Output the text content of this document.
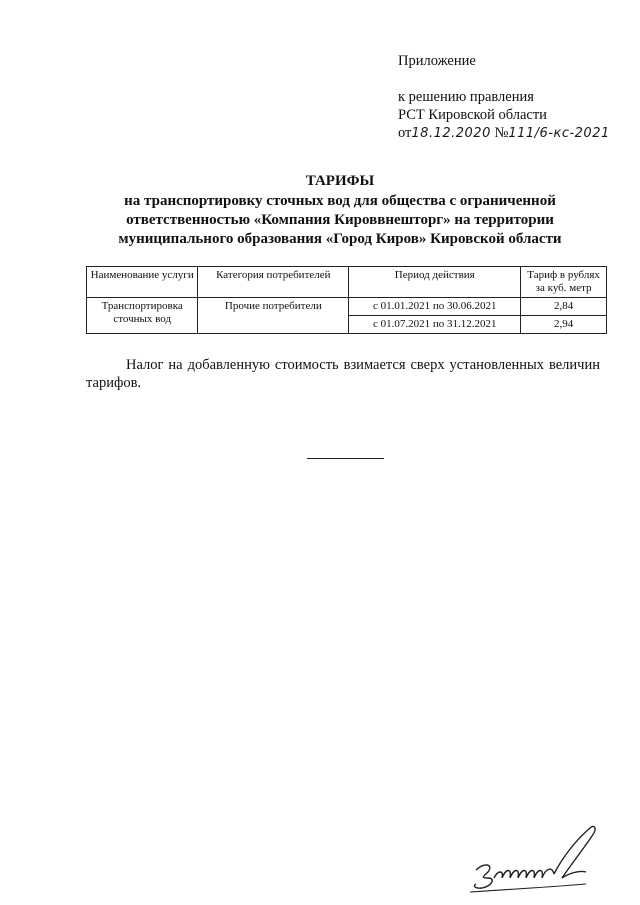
Приложение
к решению правления
РСТ Кировской области
от18.12.2020 №111/6-кс-2021
ТАРИФЫ
на транспортировку сточных вод для общества с ограниченной
ответственностью «Компания Кироввнешторг» на территории
муниципального образования «Город Киров» Кировской области
Наименование услуги	Категория потребителей	Период действия	Тариф в рублях за куб. метр
Транспортировка сточных вод	Прочие потребители	с 01.01.2021 по 30.06.2021	2,84
		с 01.07.2021 по 31.12.2021	2,94
Налог на добавленную стоимость взимается сверх установленных величин тарифов.
